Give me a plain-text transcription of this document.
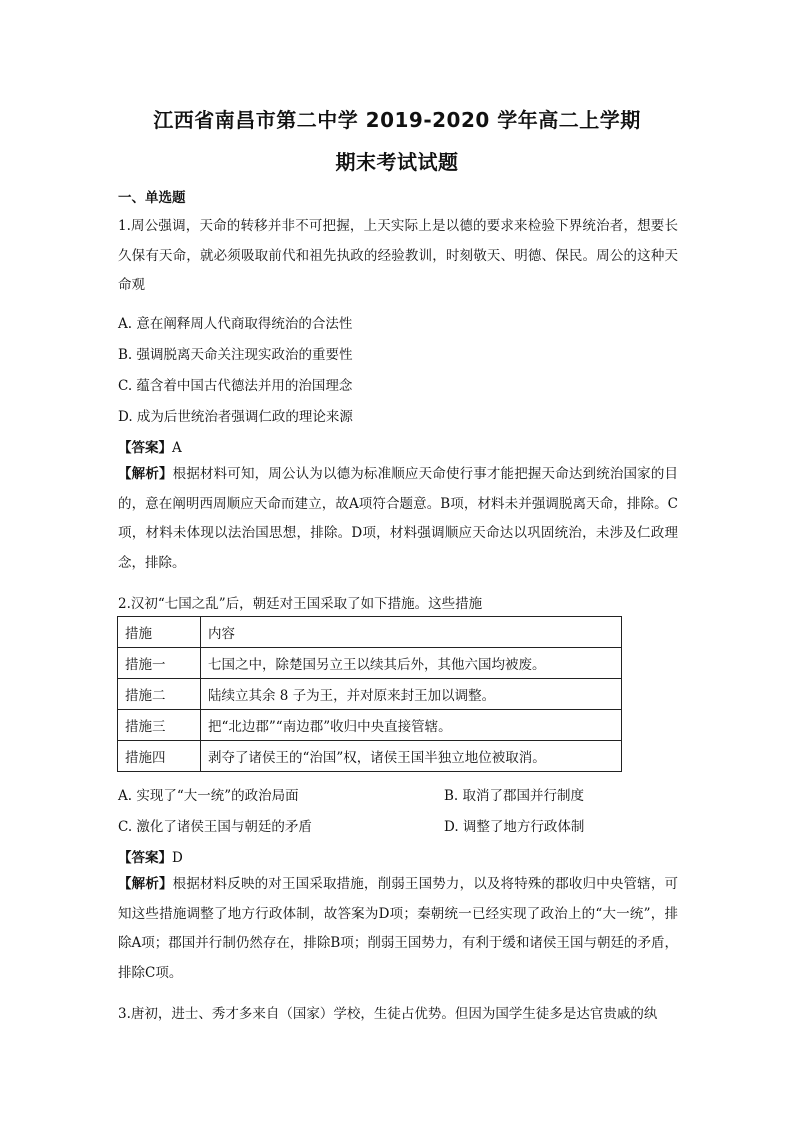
江西省南昌市第二中学 2019-2020 学年高二上学期
期末考试试题
一、单选题
1.周公强调，天命的转移并非不可把握，上天实际上是以德的要求来检验下界统治者，想要长久保有天命，就必须吸取前代和祖先执政的经验教训，时刻敬天、明德、保民。周公的这种天命观
A. 意在阐释周人代商取得统治的合法性
B. 强调脱离天命关注现实政治的重要性
C. 蕴含着中国古代德法并用的治国理念
D. 成为后世统治者强调仁政的理论来源
【答案】A
【解析】根据材料可知，周公认为以德为标准顺应天命使行事才能把握天命达到统治国家的目的，意在阐明西周顺应天命而建立，故A项符合题意。B项，材料未并强调脱离天命，排除。C项，材料未体现以法治国思想，排除。D项，材料强调顺应天命达以巩固统治，未涉及仁政理念，排除。
2.汉初“七国之乱”后，朝廷对王国采取了如下措施。这些措施
措施	内容
措施一	七国之中，除楚国另立王以续其后外，其他六国均被废。
措施二	陆续立其余 8 子为王，并对原来封王加以调整。
措施三	把“北边郡”“南边郡”收归中央直接管辖。
措施四	剥夺了诸侯王的“治国”权，诸侯王国半独立地位被取消。
A. 实现了“大一统”的政治局面	B. 取消了郡国并行制度
C. 激化了诸侯王国与朝廷的矛盾	D. 调整了地方行政体制
【答案】D
【解析】根据材料反映的对王国采取措施，削弱王国势力，以及将特殊的郡收归中央管辖，可知这些措施调整了地方行政体制，故答案为D项；秦朝统一已经实现了政治上的“大一统”，排除A项；郡国并行制仍然存在，排除B项；削弱王国势力，有利于缓和诸侯王国与朝廷的矛盾，排除C项。
3.唐初，进士、秀才多来自（国家）学校，生徒占优势。但因为国学生徒多是达官贵戚的纨
